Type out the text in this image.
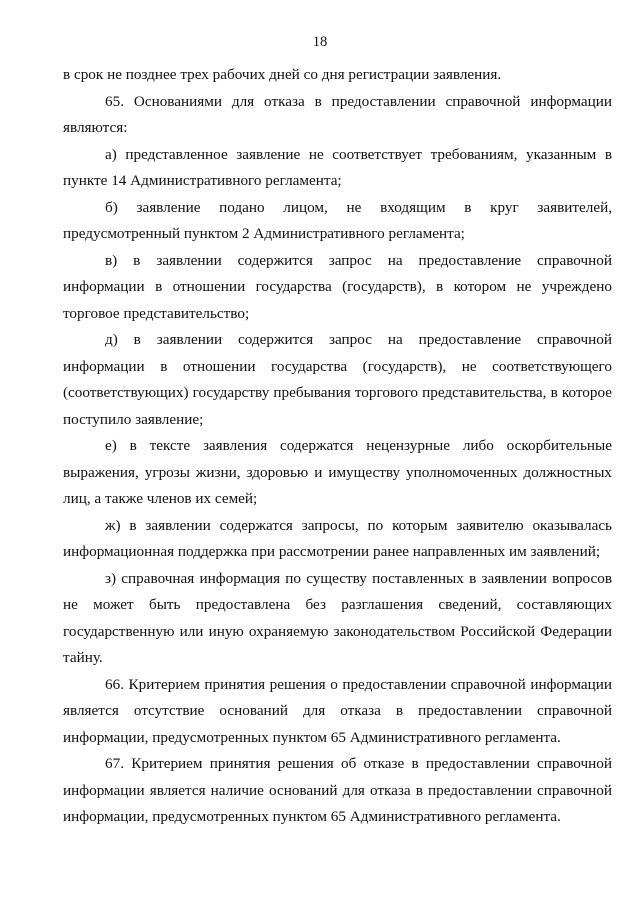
18

в срок не позднее трех рабочих дней со дня регистрации заявления.

65. Основаниями для отказа в предоставлении справочной информации являются:

а) представленное заявление не соответствует требованиям, указанным в пункте 14 Административного регламента;

б) заявление подано лицом, не входящим в круг заявителей, предусмотренный пунктом 2 Административного регламента;

в) в заявлении содержится запрос на предоставление справочной информации в отношении государства (государств), в котором не учреждено торговое представительство;

д) в заявлении содержится запрос на предоставление справочной информации в отношении государства (государств), не соответствующего (соответствующих) государству пребывания торгового представительства, в которое поступило заявление;

е) в тексте заявления содержатся нецензурные либо оскорбительные выражения, угрозы жизни, здоровью и имуществу уполномоченных должностных лиц, а также членов их семей;

ж) в заявлении содержатся запросы, по которым заявителю оказывалась информационная поддержка при рассмотрении ранее направленных им заявлений;

з) справочная информация по существу поставленных в заявлении вопросов не может быть предоставлена без разглашения сведений, составляющих государственную или иную охраняемую законодательством Российской Федерации тайну.

66. Критерием принятия решения о предоставлении справочной информации является отсутствие оснований для отказа в предоставлении справочной информации, предусмотренных пунктом 65 Административного регламента.

67. Критерием принятия решения об отказе в предоставлении справочной информации является наличие оснований для отказа в предоставлении справочной информации, предусмотренных пунктом 65 Административного регламента.
